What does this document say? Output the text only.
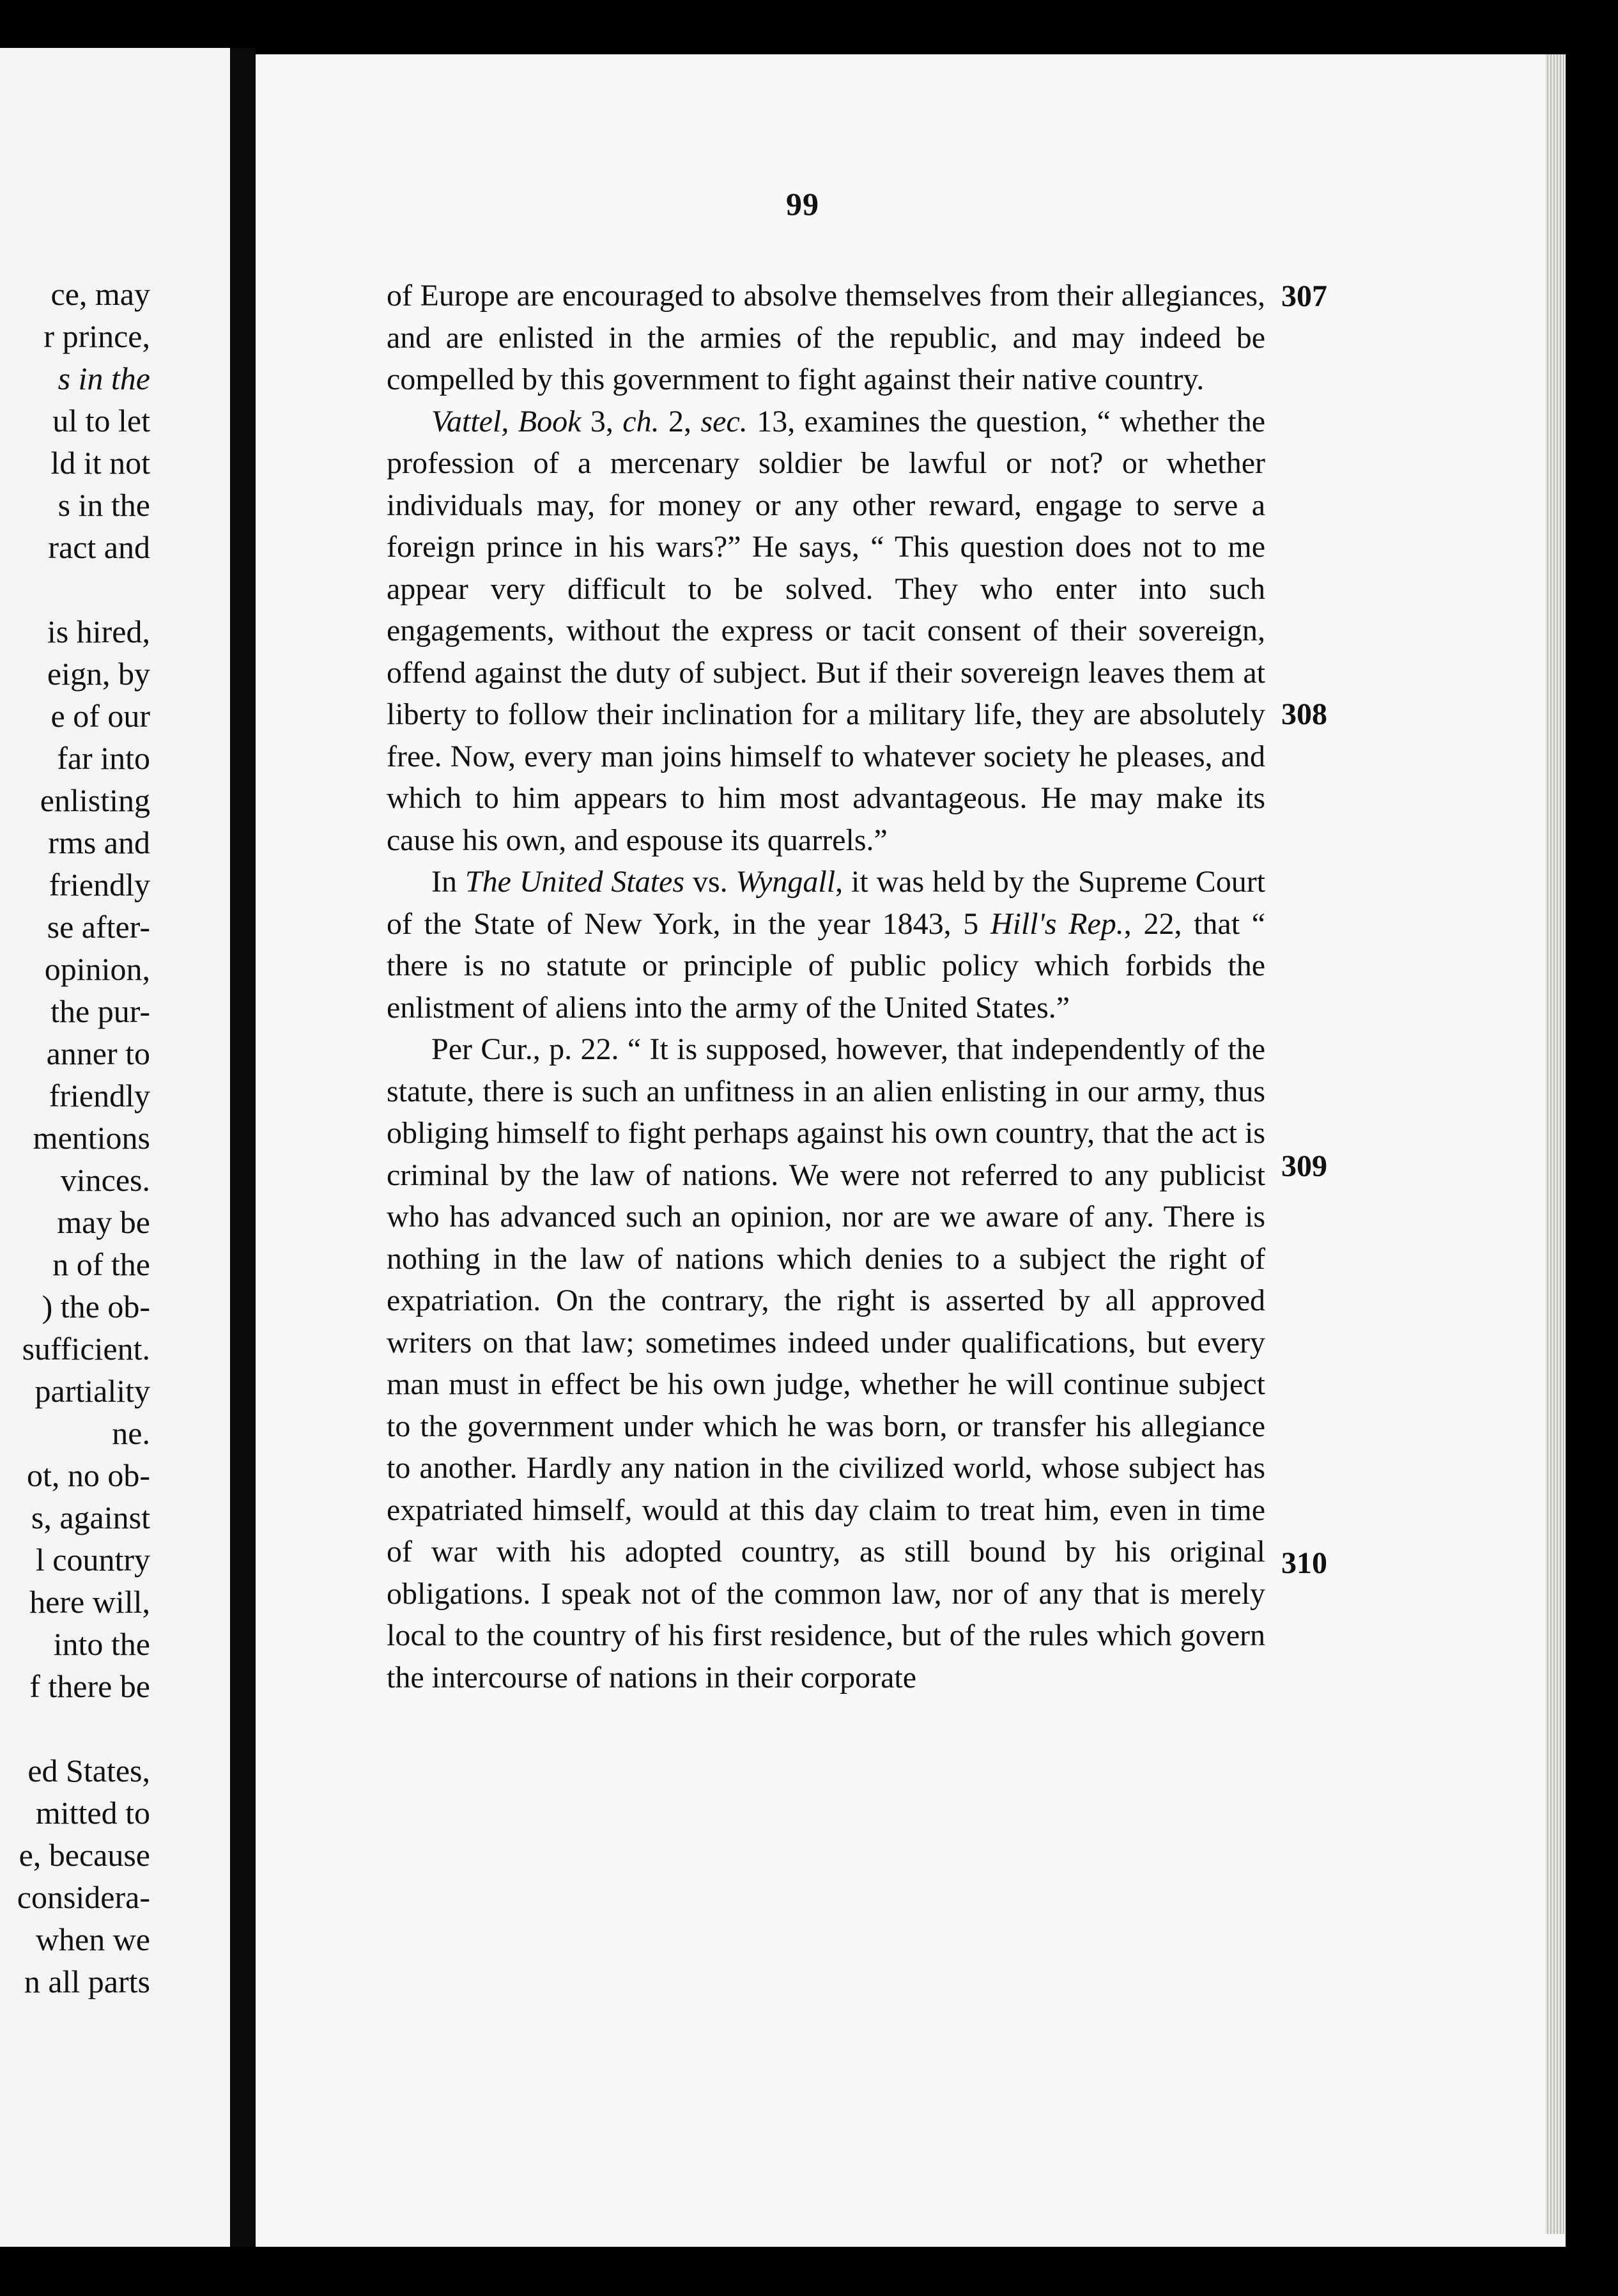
ce, may
r prince,
s in the
ul to let
ld it not
s in the
ract and
is hired,
eign, by
e of our
far into
enlisting
rms and
friendly
se after-
opinion,
the pur-
anner to
friendly
mentions
vinces.
may be
n of the
) the ob-
sufficient.
partiality
ne.
ot, no ob-
s, against
l country
here will,
into the
f there be
ed States,
mitted to
e, because
considera-
when we
n all parts
99

of Europe are encouraged to absolve themselves from their allegiances, and are enlisted in the armies of the republic, and may indeed be compelled by this government to fight against their native country.

Vattel, Book 3, ch. 2, sec. 13, examines the question, “ whether the profession of a mercenary soldier be lawful or not? or whether individuals may, for money or any other reward, engage to serve a foreign prince in his wars?” He says, “ This question does not to me appear very difficult to be solved. They who enter into such engagements, without the express or tacit consent of their sovereign, offend against the duty of subject. But if their sovereign leaves them at liberty to follow their inclination for a military life, they are absolutely free. Now, every man joins himself to whatever society he pleases, and which to him appears to him most advantageous. He may make its cause his own, and espouse its quarrels.”

In The United States vs. Wyngall, it was held by the Supreme Court of the State of New York, in the year 1843, 5 Hill's Rep., 22, that “ there is no statute or principle of public policy which forbids the enlistment of aliens into the army of the United States.”

Per Cur., p. 22. “ It is supposed, however, that independently of the statute, there is such an unfitness in an alien enlisting in our army, thus obliging himself to fight perhaps against his own country, that the act is criminal by the law of nations. We were not referred to any publicist who has advanced such an opinion, nor are we aware of any. There is nothing in the law of nations which denies to a subject the right of expatriation. On the contrary, the right is asserted by all approved writers on that law; sometimes indeed under qualifications, but every man must in effect be his own judge, whether he will continue subject to the government under which he was born, or transfer his allegiance to another. Hardly any nation in the civilized world, whose subject has expatriated himself, would at this day claim to treat him, even in time of war with his adopted country, as still bound by his original obligations. I speak not of the common law, nor of any that is merely local to the country of his first residence, but of the rules which govern the intercourse of nations in their corporate

307
308
309
310
